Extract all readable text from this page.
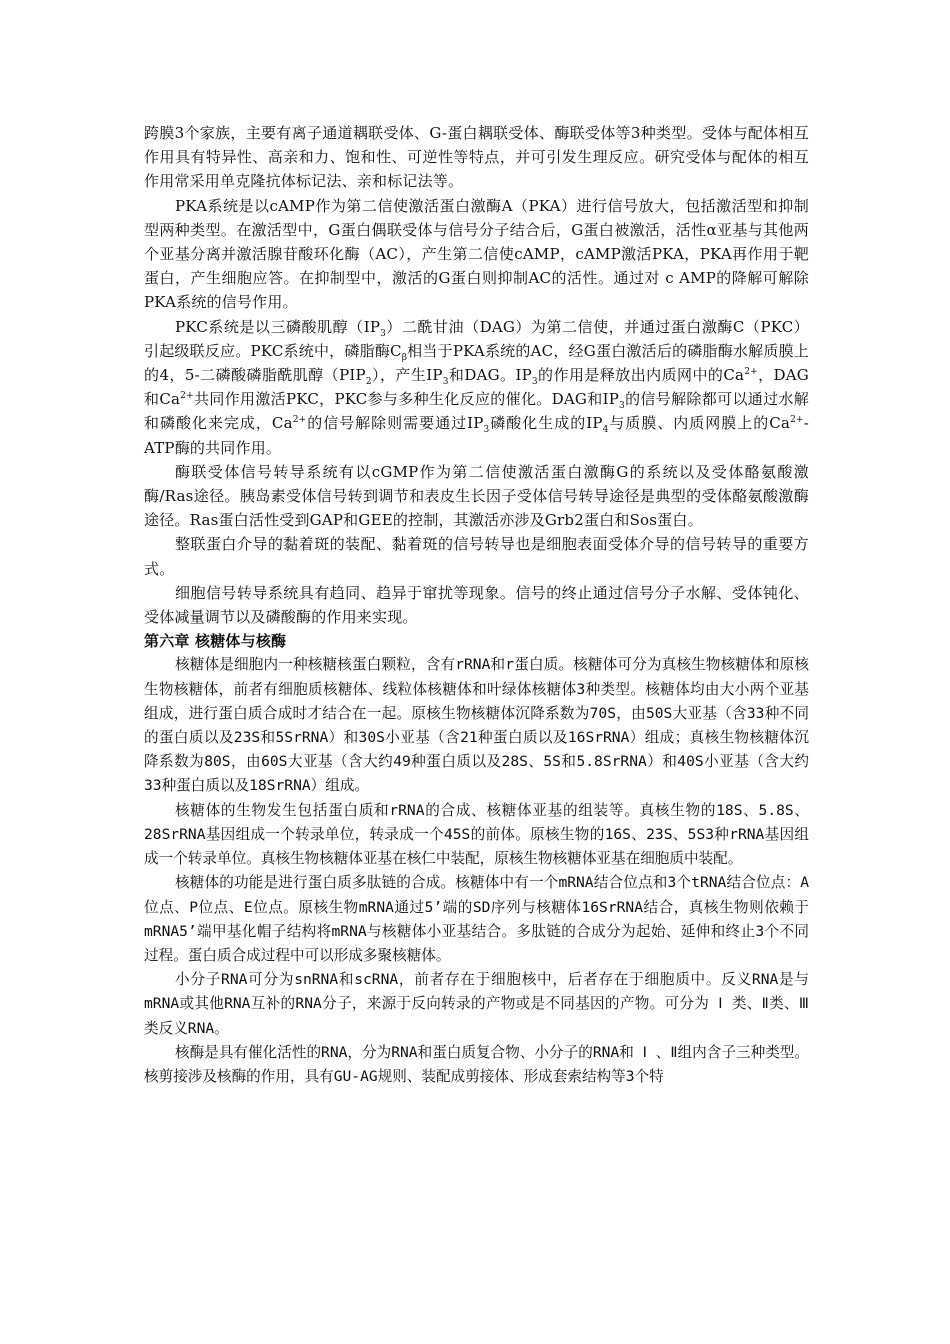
跨膜3个家族，主要有离子通道耦联受体、G-蛋白耦联受体、酶联受体等3种类型。受体与配体相互作用具有特异性、高亲和力、饱和性、可逆性等特点，并可引发生理反应。研究受体与配体的相互作用常采用单克隆抗体标记法、亲和标记法等。

PKA系统是以cAMP作为第二信使激活蛋白激酶A（PKA）进行信号放大，包括激活型和抑制型两种类型。在激活型中，G蛋白偶联受体与信号分子结合后，G蛋白被激活，活性α亚基与其他两个亚基分离并激活腺苷酸环化酶（AC），产生第二信使cAMP，cAMP激活PKA，PKA再作用于靶蛋白，产生细胞应答。在抑制型中，激活的G蛋白则抑制AC的活性。通过对 c AMP的降解可解除PKA系统的信号作用。

PKC系统是以三磷酸肌醇$(IP_3)$二酰甘油（DAG）为第二信使，并通过蛋白激酶C（PKC）引起级联反应。PKC系统中，磷脂酶$C_\beta$相当于PKA系统的AC，经G蛋白激活后的磷脂酶水解质膜上的4，5-二磷酸磷脂酰肌醇$(PIP_2)$，产生$IP_3$和DAG。$IP_3$的作用是释放出内质网中的$Ca^{2+}$，DAG和$Ca^{2+}$共同作用激活PKC，PKC参与多种生化反应的催化。DAG和$IP_3$的信号解除都可以通过水解和磷酸化来完成，$Ca^{2+}$的信号解除则需要通过$IP_3$磷酸化生成的$IP_4$与质膜、内质网膜上的$Ca^{2+}$-ATP酶的共同作用。

酶联受体信号转导系统有以cGMP作为第二信使激活蛋白激酶G的系统以及受体酪氨酸激酶/Ras途径。胰岛素受体信号转到调节和表皮生长因子受体信号转导途径是典型的受体酪氨酸激酶途径。Ras蛋白活性受到GAP和GEE的控制，其激活亦涉及Grb2蛋白和Sos蛋白。

整联蛋白介导的黏着斑的装配、黏着斑的信号转导也是细胞表面受体介导的信号转导的重要方式。

细胞信号转导系统具有趋同、趋异于窜扰等现象。信号的终止通过信号分子水解、受体钝化、受体减量调节以及磷酸酶的作用来实现。

第六章 核糖体与核酶

核糖体是细胞内一种核糖核蛋白颗粒，含有rRNA和r蛋白质。核糖体可分为真核生物核糖体和原核生物核糖体，前者有细胞质核糖体、线粒体核糖体和叶绿体核糖体3种类型。核糖体均由大小两个亚基组成，进行蛋白质合成时才结合在一起。原核生物核糖体沉降系数为70S，由50S大亚基（含33种不同的蛋白质以及23S和5SrRNA）和30S小亚基（含21种蛋白质以及16SrRNA）组成；真核生物核糖体沉降系数为80S，由60S大亚基（含大约49种蛋白质以及28S、5S和5.8SrRNA）和40S小亚基（含大约33种蛋白质以及18SrRNA）组成。

核糖体的生物发生包括蛋白质和rRNA的合成、核糖体亚基的组装等。真核生物的18S、5.8S、28SrRNA基因组成一个转录单位，转录成一个45S的前体。原核生物的16S、23S、5S3种rRNA基因组成一个转录单位。真核生物核糖体亚基在核仁中装配，原核生物核糖体亚基在细胞质中装配。

核糖体的功能是进行蛋白质多肽链的合成。核糖体中有一个mRNA结合位点和3个tRNA结合位点：A位点、P位点、E位点。原核生物mRNA通过5’端的SD序列与核糖体16SrRNA结合，真核生物则依赖于mRNA5’端甲基化帽子结构将mRNA与核糖体小亚基结合。多肽链的合成分为起始、延伸和终止3个不同过程。蛋白质合成过程中可以形成多聚核糖体。

小分子RNA可分为snRNA和scRNA，前者存在于细胞核中，后者存在于细胞质中。反义RNA是与mRNA或其他RNA互补的RNA分子，来源于反向转录的产物或是不同基因的产物。可分为 Ⅰ 类、Ⅱ类、Ⅲ类反义RNA。

核酶是具有催化活性的RNA，分为RNA和蛋白质复合物、小分子的RNA和 Ⅰ 、Ⅱ组内含子三种类型。核剪接涉及核酶的作用，具有GU-AG规则、装配成剪接体、形成套索结构等3个特
